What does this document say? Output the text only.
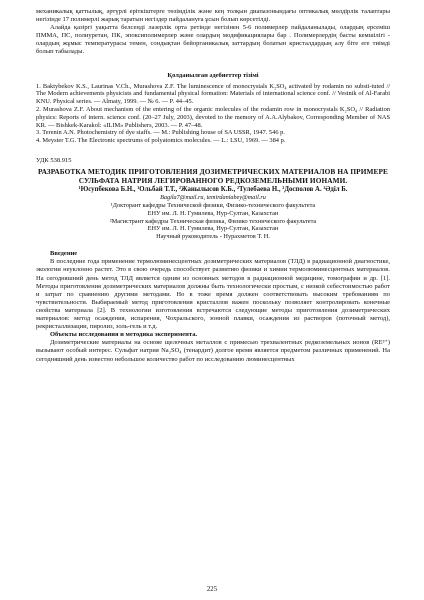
механикалық қаттылық, әртүрлі еріткіштерге төзімділік және кең толқын диапазонындағы оптикалық мөлдірлік талаптары негізінде 17 полимерлі жарық таратын негіздер пайдалануға ұсын болып көрсетілді.

Алайда қазіргі уақытта белсенді лазерлік орта ретінде негізінен 5-6 полимерлер пайдаланылады, олардың ерсеміш ПММА, ПС, полиуретан, ПК, эпоксиполимерлер және олардың модификациялары бар . Полимерлердің басты кемшілігі - олардың жұмыс температурасы темен, сондықтан бейорганикалық заттардың болатын кристалдардың алу біте еге тиімді болып табылады.

Қолданылған әдебиеттер тізімі

1. Baktybekov K.S., Laurinas V.Ch., Murashova Z.F. The luminescence of monocrystals K₂SO₄ activated by rodamin no substi-tuted // The Modern achievements physicists and fundamental physical formation: Materials of international science conf. // Vestnik of Al-Farabi KNU. Physical series. — Almaty, 1999. — № 6. — P. 44–45.

2. Murashova Z.F. About mechanism of the entering of the organic molecules of the rodamin row in monocrystals K₂SO₄ // Radiation physics: Reports of intern. science conf. (20–27 July, 2003), devoted to the memory of A.A.Alybakov, Corresponding Member of NAS KR. — Bishkek-Karakol: «ILIM» Publishers, 2003. — P. 47–48.

3. Terenin A.N. Photochemistry of dye staffs. — M.: Publishing house of SA USSR, 1947. 546 p.

4. Meyster T.G. The Electronic spectrums of polyatomics molecules. — L.: LSU, 1969. — 384 p.

УДК 538.915

РАЗРАБОТКА МЕТОДИК ПРИГОТОВЛЕНИЯ ДОЗИМЕТРИЧЕСКИХ МАТЕРИАЛОВ НА ПРИМЕРЕ СУЛЬФАТА НАТРИЯ ЛЕГИРОВАННОГО РЕДКОЗЕМЕЛЬНЫМИ ИОНАМИ.

¹Юсупбекова Б.Н., ¹Ольбай Т.Т., ²Жанылысов К.Б., ²Тулебаева Н., ²Досполов А. ²Әділ Б.

Bagila7@mail.ru, temirdaniabey@mail.ru

¹Докторант кафедры Технической физики, Физико-технического факультета

ЕНУ им. Л. Н. Гумилева, Нур-Султан, Казахстан

²Магистрант кафедры Техническая физика, Физико технического факультета

ЕНУ им. Л. Н. Гумилева, Нур-Султан, Казахстан

Научный руководитель - Нурахметов Т. Н.

Введение

В последние года применение термолюминесцентных дозиметрических материалов (ТЛД) в радиационной диагностике, экологии неуклонно растет. Это в свою очередь способствует развитию физики и химии термолюминесцентных материалов. На сегодняшний день метод ТЛД является одним из основных методов в радиационной медицине, томографии и др. [1]. Методы приготовления дозиметрических материалов должны быть технологически простым, с низкой себестоимостью работ и затрат по сравнению другими методами. Но в тоже время должен соответствовать высоким требованиям по чувствительности. Выбираемый метод приготовления кристаллов важен поскольку позволяет контролировать конечные свойства материала [2]. В технологии изготовления встречаются следующие методы приготовления дозиметрических материалов: метод осаждения, испарения, Чохральского, зонной плавки, осаждения из растворов (поточный метод), рекристаллизации, пиролиз, золь-гель и т.д.

Объекты исследования и методика эксперимента.

Дозиметрические материалы на основе щелочных металлов с примесью трехвалентных редкоземельных ионов (RE³⁺) вызывают особый интерес. Сульфат натрия Na₂SO₄ (тенардит) долгое время является предметом различных применений. На сегодняшний день известно небольшое количество работ по исследованию люминесцентных

225
